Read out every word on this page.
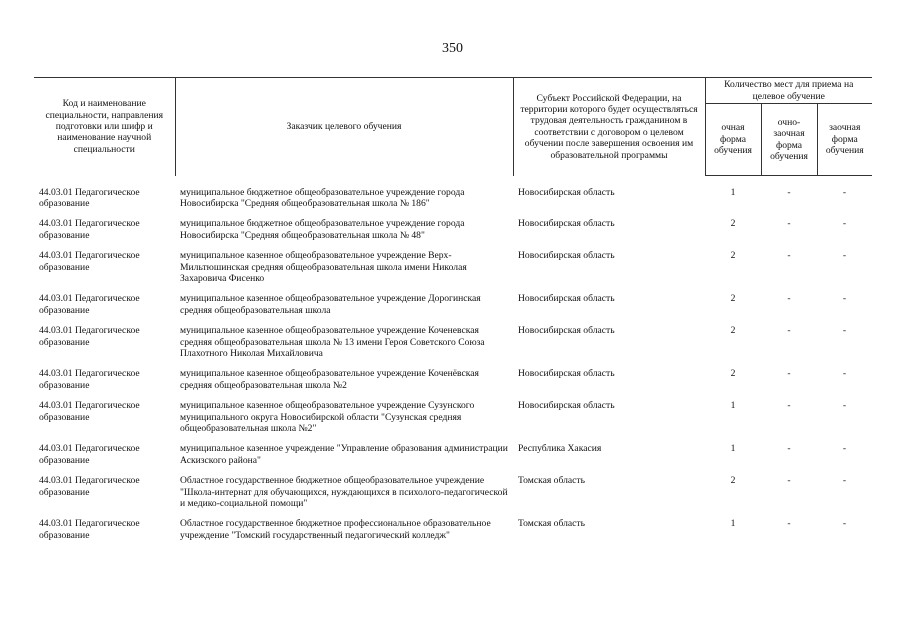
350
Код и наименование специальности, направления подготовки или шифр и наименование научной специальности	Заказчик целевого обучения	Субъект Российской Федерации, на территории которого будет осуществляться трудовая деятельность гражданином в соответствии с договором о целевом обучении после завершения освоения им образовательной программы	Количество мест для приема на целевое обучение		
			очная форма обучения	очно-заочная форма обучения	заочная форма обучения
44.03.01 Педагогическое образование	муниципальное бюджетное общеобразовательное учреждение города Новосибирска "Средняя общеобразовательная школа № 186"	Новосибирская область	1	-	-
44.03.01 Педагогическое образование	муниципальное бюджетное общеобразовательное учреждение города Новосибирска "Средняя общеобразовательная школа № 48"	Новосибирская область	2	-	-
44.03.01 Педагогическое образование	муниципальное казенное общеобразовательное учреждение Верх-Мильтюшинская средняя общеобразовательная школа имени Николая Захаровича Фисенко	Новосибирская область	2	-	-
44.03.01 Педагогическое образование	муниципальное казенное общеобразовательное учреждение Дорогинская средняя общеобразовательная школа	Новосибирская область	2	-	-
44.03.01 Педагогическое образование	муниципальное казенное общеобразовательное учреждение Коченевская средняя общеобразовательная школа № 13 имени Героя Советского Союза Плахотного Николая Михайловича	Новосибирская область	2	-	-
44.03.01 Педагогическое образование	муниципальное казенное общеобразовательное учреждение Кочeнёвская средняя общеобразовательная школа №2	Новосибирская область	2	-	-
44.03.01 Педагогическое образование	муниципальное казенное общеобразовательное учреждение Сузунского муниципального округа Новосибирской области "Сузунская средняя общеобразовательная школа №2"	Новосибирская область	1	-	-
44.03.01 Педагогическое образование	муниципальное казенное учреждение "Управление образования администрации Аскизского района"	Республика Хакасия	1	-	-
44.03.01 Педагогическое образование	Областное государственное бюджетное общеобразовательное учреждение "Школа-интернат для обучающихся, нуждающихся в психолого-педагогической и медико-социальной помощи"	Томская область	2	-	-
44.03.01 Педагогическое образование	Областное государственное бюджетное профессиональное образовательное учреждение "Томский государственный педагогический колледж"	Томская область	1	-	-
